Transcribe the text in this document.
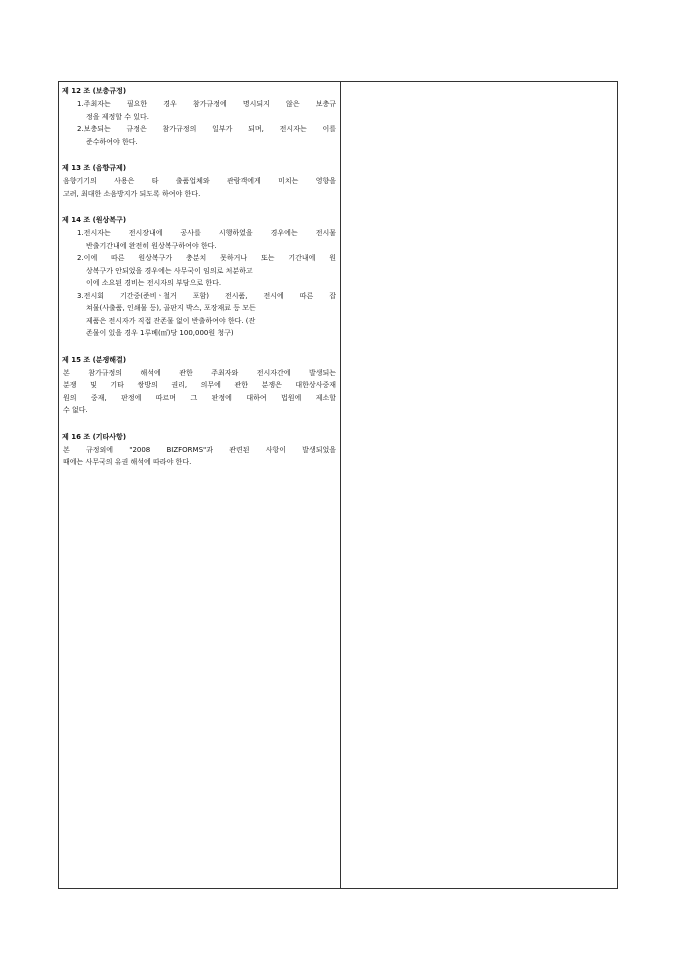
제 12 조 (보충규정)
1.주최자는 필요한 경우 참가규정에 명시되지 않은 보충규
정을 제정할 수 있다.
2.보충되는 규정은 참가규정의 일부가 되며, 전시자는 이를
준수하여야 한다.
제 13 조 (음향규제)
음향기기의 사용은 타 출품업체와 관람객에게 미치는 영향을
고려, 최대한 소음방지가 되도록 하여야 한다.
제 14 조 (원상복구)
1.전시자는 전시장내에 공사를 시행하였을 경우에는 전시물
반출기간내에 완전히 원상복구하여야 한다.
2.이에 따른 원상복구가 충분치 못하거나 또는 기간내에 원
상복구가 안되었을 경우에는 사무국이 임의로 처분하고
이에 소요된 경비는 전시자의 부담으로 한다.
3.전시회 기간중(준비ㆍ철거 포함) 전시품, 전시에 따른 잡
쳐물(사출품, 인쇄물 등), 골판지 박스, 포장재료 등 모든
제품은 전시자가 직접 잔존물 없이 반출하여야 한다. (잔
존물이 있을 경우 1루베(㎥)당 100,000원 청구)
제 15 조 (분쟁해결)
본 참가규정의 해석에 관한 주최자와 전시자간에 발생되는
분쟁 및 기타 쌍방의 권리, 의무에 관한 분쟁은 대한상사중재
원의 중재, 판정에 따르며 그 판정에 대하여 법원에 제소할
수 없다.
제 16 조 (기타사항)
본 규정외에 "2008 BIZFORMS"과 관련된 사항이 발생되었을
때에는 사무국의 유권 해석에 따라야 한다.
